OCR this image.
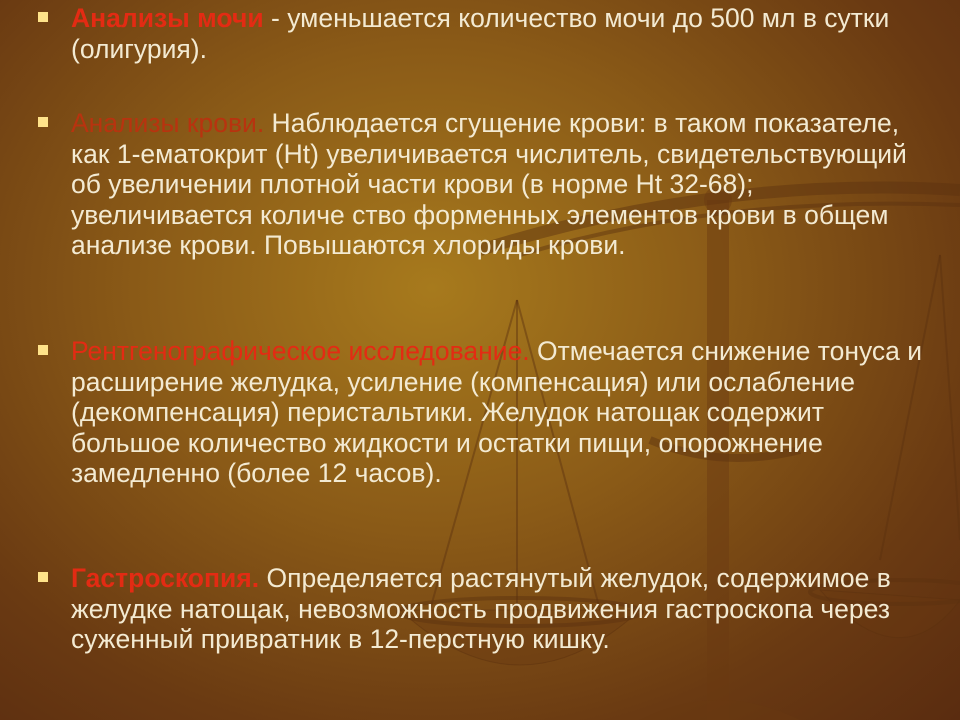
Анализы мочи - уменьшается количество мочи до 500 мл в сутки (олигурия).
Анализы крови. Наблюдается сгущение крови: в таком показателе, как 1-ематокрит (Ht) увеличивается числитель, свидетельствующий об увеличении плотной части крови (в норме Ht 32-68); увеличивается количе ство форменных элементов крови в общем анализе крови. Повышаются хлориды крови.
Рентгенографическое исследование. Отмечается снижение тонуса и расширение желудка, усиление (компенсация) или ослабление (декомпенсация) перистальтики. Желудок натощак содержит большое количество жидкости и остатки пищи, опорожнение замедленно (более 12 часов).
Гастроскопия. Определяется растянутый желудок, содержимое в желудке натощак, невозможность продвижения гастроскопа через суженный привратник в 12-перстную кишку.
